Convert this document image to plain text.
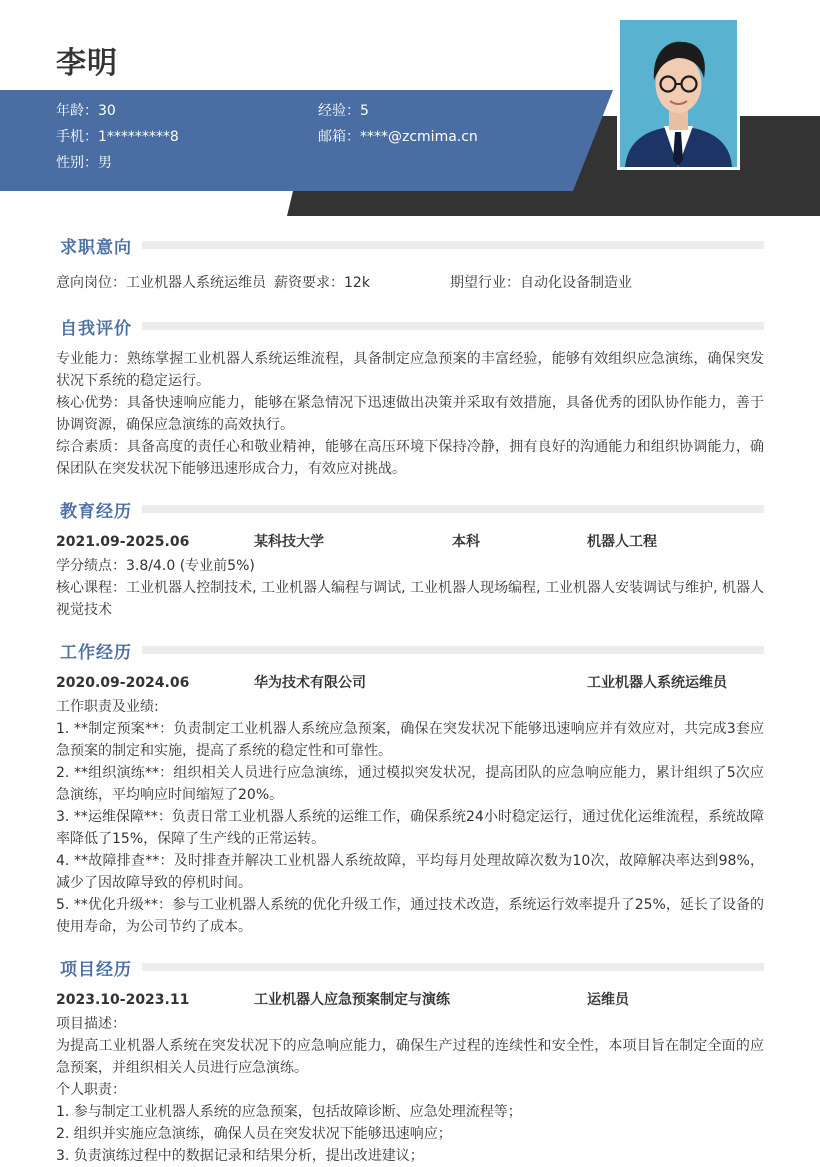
李明
年龄：30	经验：5
手机：1*********8	邮箱：****@zcmima.cn
性别：男
求职意向
意向岗位：工业机器人系统运维员 薪资要求：12k	期望行业：自动化设备制造业
自我评价
专业能力：熟练掌握工业机器人系统运维流程，具备制定应急预案的丰富经验，能够有效组织应急演练，确保突发状况下系统的稳定运行。
核心优势：具备快速响应能力，能够在紧急情况下迅速做出决策并采取有效措施，具备优秀的团队协作能力，善于协调资源，确保应急演练的高效执行。
综合素质：具备高度的责任心和敬业精神，能够在高压环境下保持冷静，拥有良好的沟通能力和组织协调能力，确保团队在突发状况下能够迅速形成合力，有效应对挑战。
教育经历
2021.09-2025.06	某科技大学	本科	机器人工程
学分绩点：3.8/4.0 (专业前5%)
核心课程：工业机器人控制技术, 工业机器人编程与调试, 工业机器人现场编程, 工业机器人安装调试与维护, 机器人视觉技术
工作经历
2020.09-2024.06	华为技术有限公司	工业机器人系统运维员
工作职责及业绩:
1. **制定预案**：负责制定工业机器人系统应急预案，确保在突发状况下能够迅速响应并有效应对，共完成3套应急预案的制定和实施，提高了系统的稳定性和可靠性。
2. **组织演练**：组织相关人员进行应急演练，通过模拟突发状况，提高团队的应急响应能力，累计组织了5次应急演练，平均响应时间缩短了20%。
3. **运维保障**：负责日常工业机器人系统的运维工作，确保系统24小时稳定运行，通过优化运维流程，系统故障率降低了15%，保障了生产线的正常运转。
4. **故障排查**：及时排查并解决工业机器人系统故障，平均每月处理故障次数为10次，故障解决率达到98%，减少了因故障导致的停机时间。
5. **优化升级**：参与工业机器人系统的优化升级工作，通过技术改造，系统运行效率提升了25%，延长了设备的使用寿命，为公司节约了成本。
项目经历
2023.10-2023.11	工业机器人应急预案制定与演练	运维员
项目描述：
为提高工业机器人系统在突发状况下的应急响应能力，确保生产过程的连续性和安全性，本项目旨在制定全面的应急预案，并组织相关人员进行应急演练。
个人职责：
1. 参与制定工业机器人系统的应急预案，包括故障诊断、应急处理流程等；
2. 组织并实施应急演练，确保人员在突发状况下能够迅速响应；
3. 负责演练过程中的数据记录和结果分析，提出改进建议；
